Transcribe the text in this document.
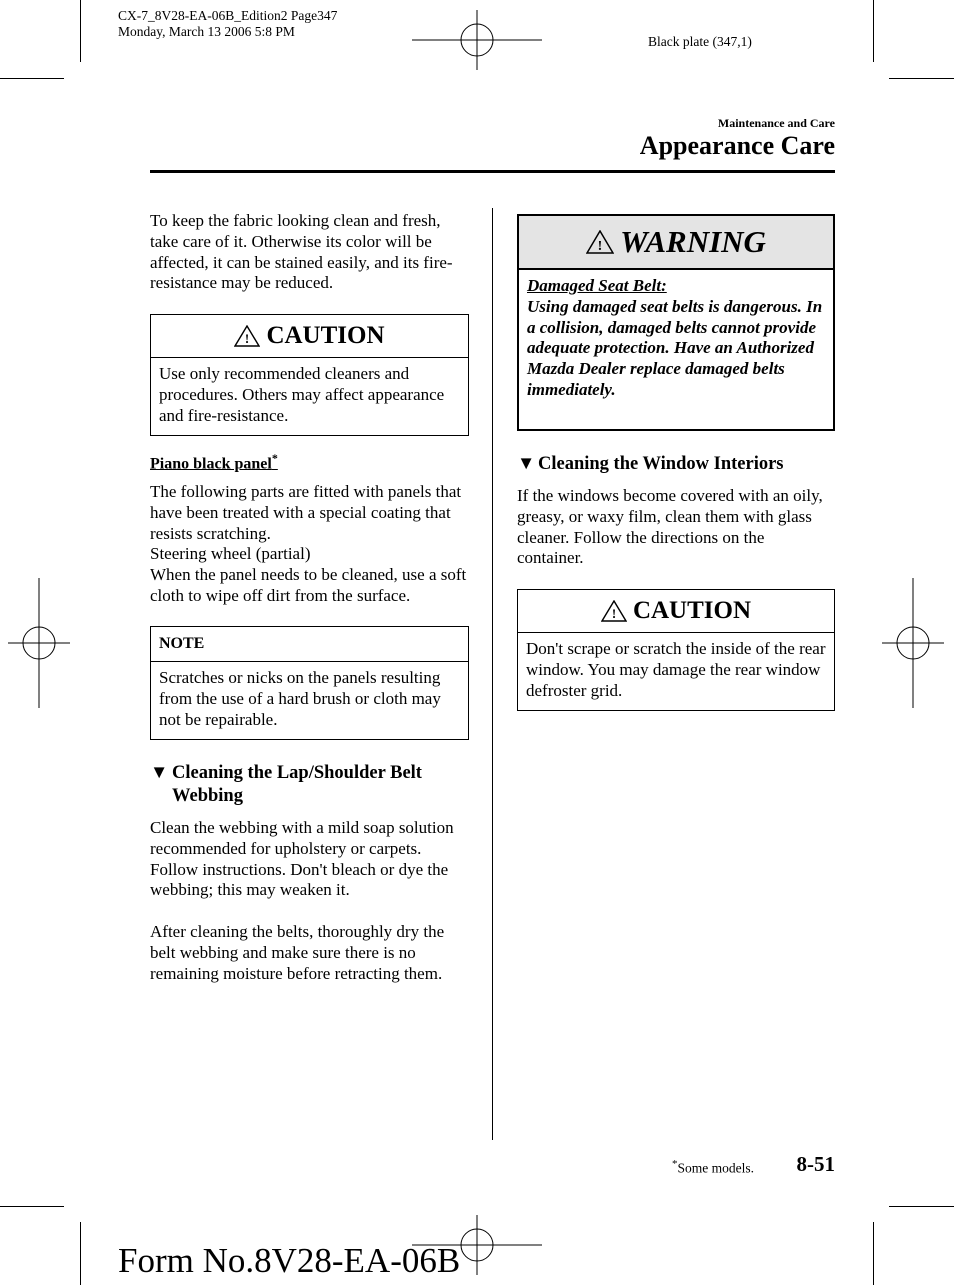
CX-7_8V28-EA-06B_Edition2 Page347
Monday, March 13 2006 5:8 PM
Black plate (347,1)
Maintenance and Care
Appearance Care

To keep the fabric looking clean and fresh, take care of it. Otherwise its color will be affected, it can be stained easily, and its fire-resistance may be reduced.

! CAUTION

Use only recommended cleaners and procedures. Others may affect appearance and fire-resistance.

Piano black panel*

The following parts are fitted with panels that have been treated with a special coating that resists scratching.

Steering wheel (partial)

When the panel needs to be cleaned, use a soft cloth to wipe off dirt from the surface.

NOTE

Scratches or nicks on the panels resulting from the use of a hard brush or cloth may not be repairable.

▼ Cleaning the Lap/Shoulder Belt

Webbing

Clean the webbing with a mild soap solution recommended for upholstery or carpets. Follow instructions. Don't bleach or dye the webbing; this may weaken it.

After cleaning the belts, thoroughly dry the belt webbing and make sure there is no remaining moisture before retracting them.

! WARNING

Damaged Seat Belt:

Using damaged seat belts is dangerous. In a collision, damaged belts cannot provide adequate protection. Have an Authorized Mazda Dealer replace damaged belts immediately.

▼ Cleaning the Window Interiors

If the windows become covered with an oily, greasy, or waxy film, clean them with glass cleaner. Follow the directions on the container.

! CAUTION

Don't scrape or scratch the inside of the rear window. You may damage the rear window defroster grid.

*Some models. 8-51
Form No.8V28-EA-06B
